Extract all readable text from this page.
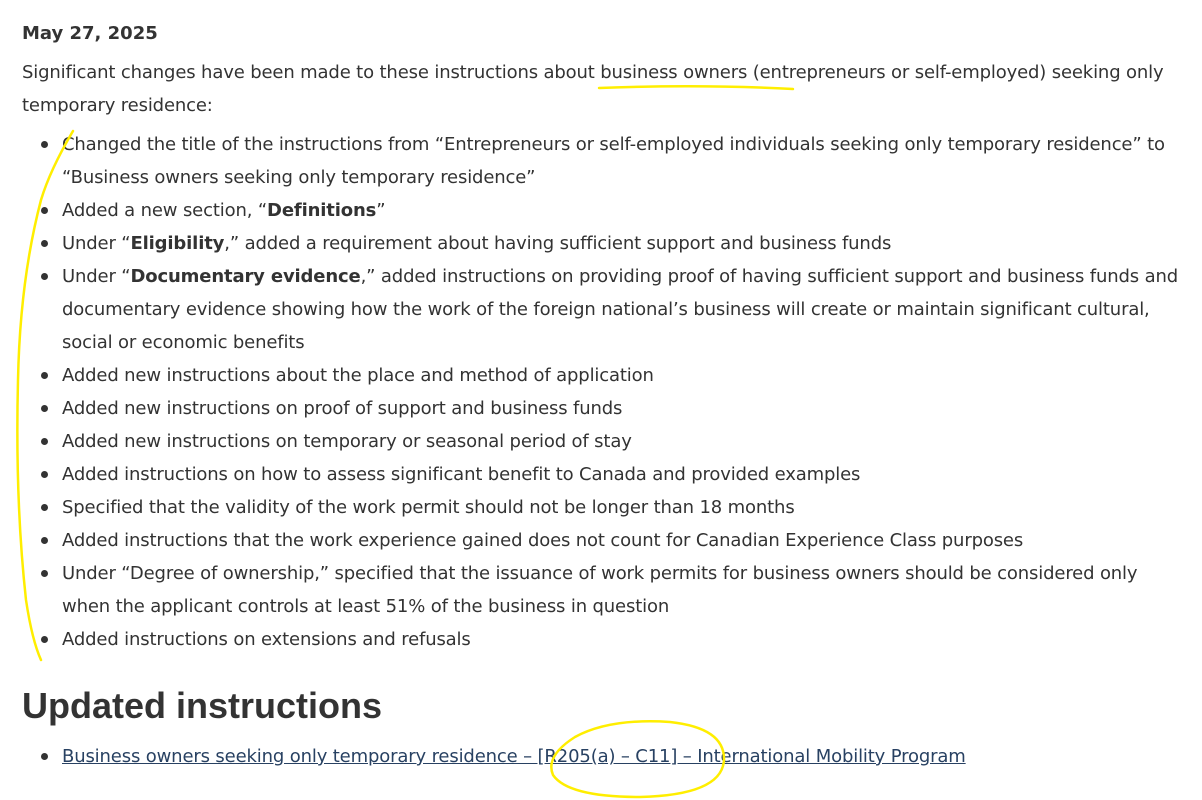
May 27, 2025

Significant changes have been made to these instructions about business owners (entrepreneurs or self-employed) seeking only temporary residence:

Changed the title of the instructions from “Entrepreneurs or self-employed individuals seeking only temporary residence” to “Business owners seeking only temporary residence”
Added a new section, “Definitions”
Under “Eligibility,” added a requirement about having sufficient support and business funds
Under “Documentary evidence,” added instructions on providing proof of having sufficient support and business funds and documentary evidence showing how the work of the foreign national’s business will create or maintain significant cultural, social or economic benefits
Added new instructions about the place and method of application
Added new instructions on proof of support and business funds
Added new instructions on temporary or seasonal period of stay
Added instructions on how to assess significant benefit to Canada and provided examples
Specified that the validity of the work permit should not be longer than 18 months
Added instructions that the work experience gained does not count for Canadian Experience Class purposes
Under “Degree of ownership,” specified that the issuance of work permits for business owners should be considered only when the applicant controls at least 51% of the business in question
Added instructions on extensions and refusals
Updated instructions
Business owners seeking only temporary residence – [R205(a) – C11] – International Mobility Program
